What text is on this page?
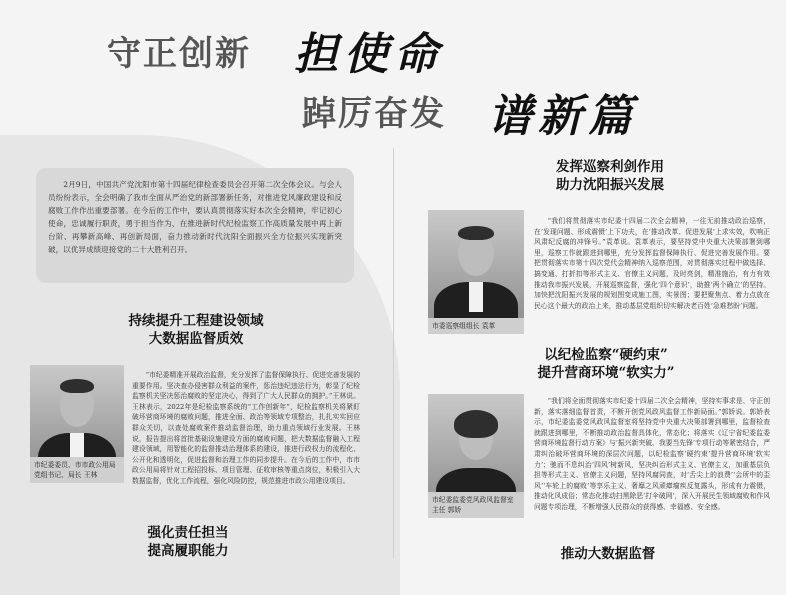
守正创新 担使命
踔厉奋发 谱新篇
2月9日，中国共产党沈阳市第十四届纪律检查委员会召开第二次全体会议。与会人员纷纷表示，全会明确了我市全面从严治党的新部署新任务，对推进党风廉政建设和反腐败工作作出重要部署。在今后的工作中，要认真贯彻落实好本次全会精神，牢记初心使命，忠诚履行职责，勇于担当作为，在推进新时代纪检监察工作高质量发展中再上新台阶、再攀新高峰、再创新局面，奋力推动新时代沈阳全面振兴全方位振兴实现新突破，以优异成绩迎接党的二十大胜利召开。
持续提升工程建设领域
大数据监督质效
市纪委委员、市市政公用局党组书记、局长 王林
“市纪委精准开展政治监督，充分发挥了监督保障执行、促进完善发展的重要作用。坚决查办侵害群众利益的案件，惩治违纪违法行为，彰显了纪检监察机关坚决惩治腐败的坚定决心，得到了广大人民群众的拥护。”王林说。王林表示，2022年是纪检监察系统的“工作创新年”，纪检监察机关将紧盯破坏营商环境的腐败问题，推进全面、政治等领域专项整治，扎扎实实回应群众关切，以查处腐败案件推动监督治理，助力重点领域行业发展。王林说，报告提出将首批基础设施建设方面的腐败问题，把大数据监督融入工程建设领域，用智能化的监督推动治理体系的建设，推进行政权力的流程化、公开化和透明化，促进监督和治理工作的同步提升。在今后的工作中，市市政公用局将针对工程招投标、项目管理、征收审核等重点岗位，积极引入大数据监督，优化工作流程，强化风险防控，规范推进市政公用建设项目。
强化责任担当
提高履职能力
发挥巡察利剑作用
助力沈阳振兴发展
市委巡察组组长 袁革
“我们将贯彻落实市纪委十四届二次全会精神，一往无前推动政治巡察，在‘发现问题、形成震慑’上下功夫，在‘推动改革、促进发展’上求实效，吹响正风肃纪反腐的冲锋号。”袁革说。袁革表示，要坚持党中央重大决策部署到哪里，巡察工作就跟进到哪里，充分发挥监督保障执行、促进完善发展作用。要把贯彻落实市第十四次党代会精神纳入巡察范围，对贯彻落实过程中做选择、搞变通、打折扣等形式主义、官僚主义问题，及时亮剑，精准施治，有力有效推动我市振兴发展，开展巡察监督，强化‘四个意识’，助推‘两个确立’的坚持。加快把沈阳振兴发展的规划图变成施工图，实景图；要把聚焦点、着力点放在民心这个最大的政治上来，推动基层党组织切实解决老百姓‘急难愁盼’问题。
以纪检监察“硬约束”
提升营商环境“软实力”
市纪委监委党风政风监督室主任 郭娇
“我们将全面贯彻落实市纪委十四届二次全会精神，坚持实事求是、守正创新，落实落细监督首责，不断开创党风政风监督工作新局面。”郭娇说。郭娇表示，市纪委监委党风政风监督室将坚持党中央重大决策部署到哪里，监督检查就跟进到哪里，不断推动政治监督具体化，常态化；将落实《辽宁省纪委监委营商环境监督行动方案》与‘振兴新突破、我要当先锋’专项行动等紧密结合，严肃纠治破坏营商环境的深层次问题，以纪检监察‘硬约束’提升营商环境‘软实力’；驰而不息纠治‘四风’树新风，坚决纠治形式主义、官僚主义，加重基层负担等形式主义、官僚主义问题，坚持风腐同查，对‘舌尖上的浪费’‘会所中的歪风’‘车轮上的腐败’等享乐主义、奢靡之风顽瘴痼疾反复露头，形成有力震慑，推动化风成俗；常态化推动扫黑除恶‘打伞破网’，深入开展民生领域腐败和作风问题专项治理，不断增强人民群众的获得感、幸福感、安全感。
推动大数据监督
